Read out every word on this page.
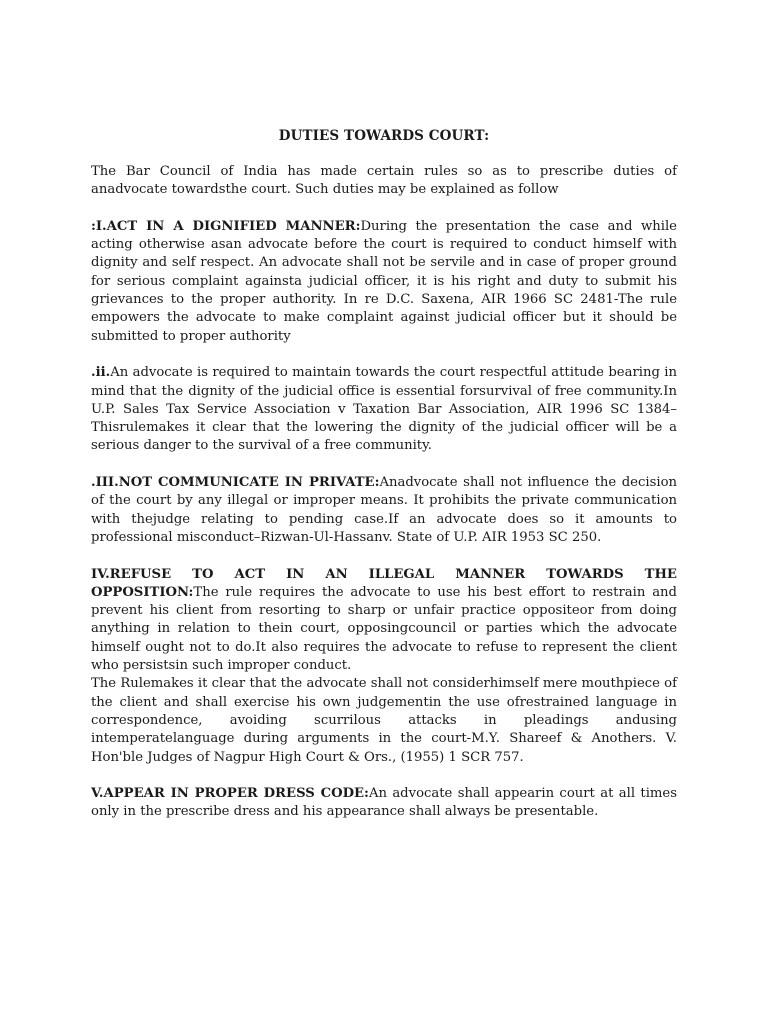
DUTIES TOWARDS COURT:

The Bar Council of India has made certain rules so as to prescribe duties of anadvocate towardsthe court. Such duties may be explained as follow

:I.ACT IN A DIGNIFIED MANNER:During the presentation the case and while acting otherwise asan advocate before the court is required to conduct himself with dignity and self respect. An advocate shall not be servile and in case of proper ground for serious complaint againsta judicial officer, it is his right and duty to submit his grievances to the proper authority. In re D.C. Saxena, AIR 1966 SC 2481-The rule empowers the advocate to make complaint against judicial officer but it should be submitted to proper authority

.ii.An advocate is required to maintain towards the court respectful attitude bearing in mind that the dignity of the judicial office is essential forsurvival of free community.In U.P. Sales Tax Service Association v Taxation Bar Association, AIR 1996 SC 1384–Thisrulemakes it clear that the lowering the dignity of the judicial officer will be a serious danger to the survival of a free community.

.III.NOT COMMUNICATE IN PRIVATE:Anadvocate shall not influence the decision of the court by any illegal or improper means. It prohibits the private communication with thejudge relating to pending case.If an advocate does so it amounts to professional misconduct–Rizwan-Ul-Hassanv. State of U.P. AIR 1953 SC 250.

IV.REFUSE TO ACT IN AN ILLEGAL MANNER TOWARDS THE OPPOSITION:The rule requires the advocate to use his best effort to restrain and prevent his client from resorting to sharp or unfair practice oppositeor from doing anything in relation to thein court, opposingcouncil or parties which the advocate himself ought not to do.It also requires the advocate to refuse to represent the client who persistsin such improper conduct.

The Rulemakes it clear that the advocate shall not considerhimself mere mouthpiece of the client and shall exercise his own judgementin the use ofrestrained language in correspondence, avoiding scurrilous attacks in pleadings andusing intemperatelanguage during arguments in the court-M.Y. Shareef & Anothers. V. Hon'ble Judges of Nagpur High Court & Ors., (1955) 1 SCR 757.

V.APPEAR IN PROPER DRESS CODE:An advocate shall appearin court at all times only in the prescribe dress and his appearance shall always be presentable.
